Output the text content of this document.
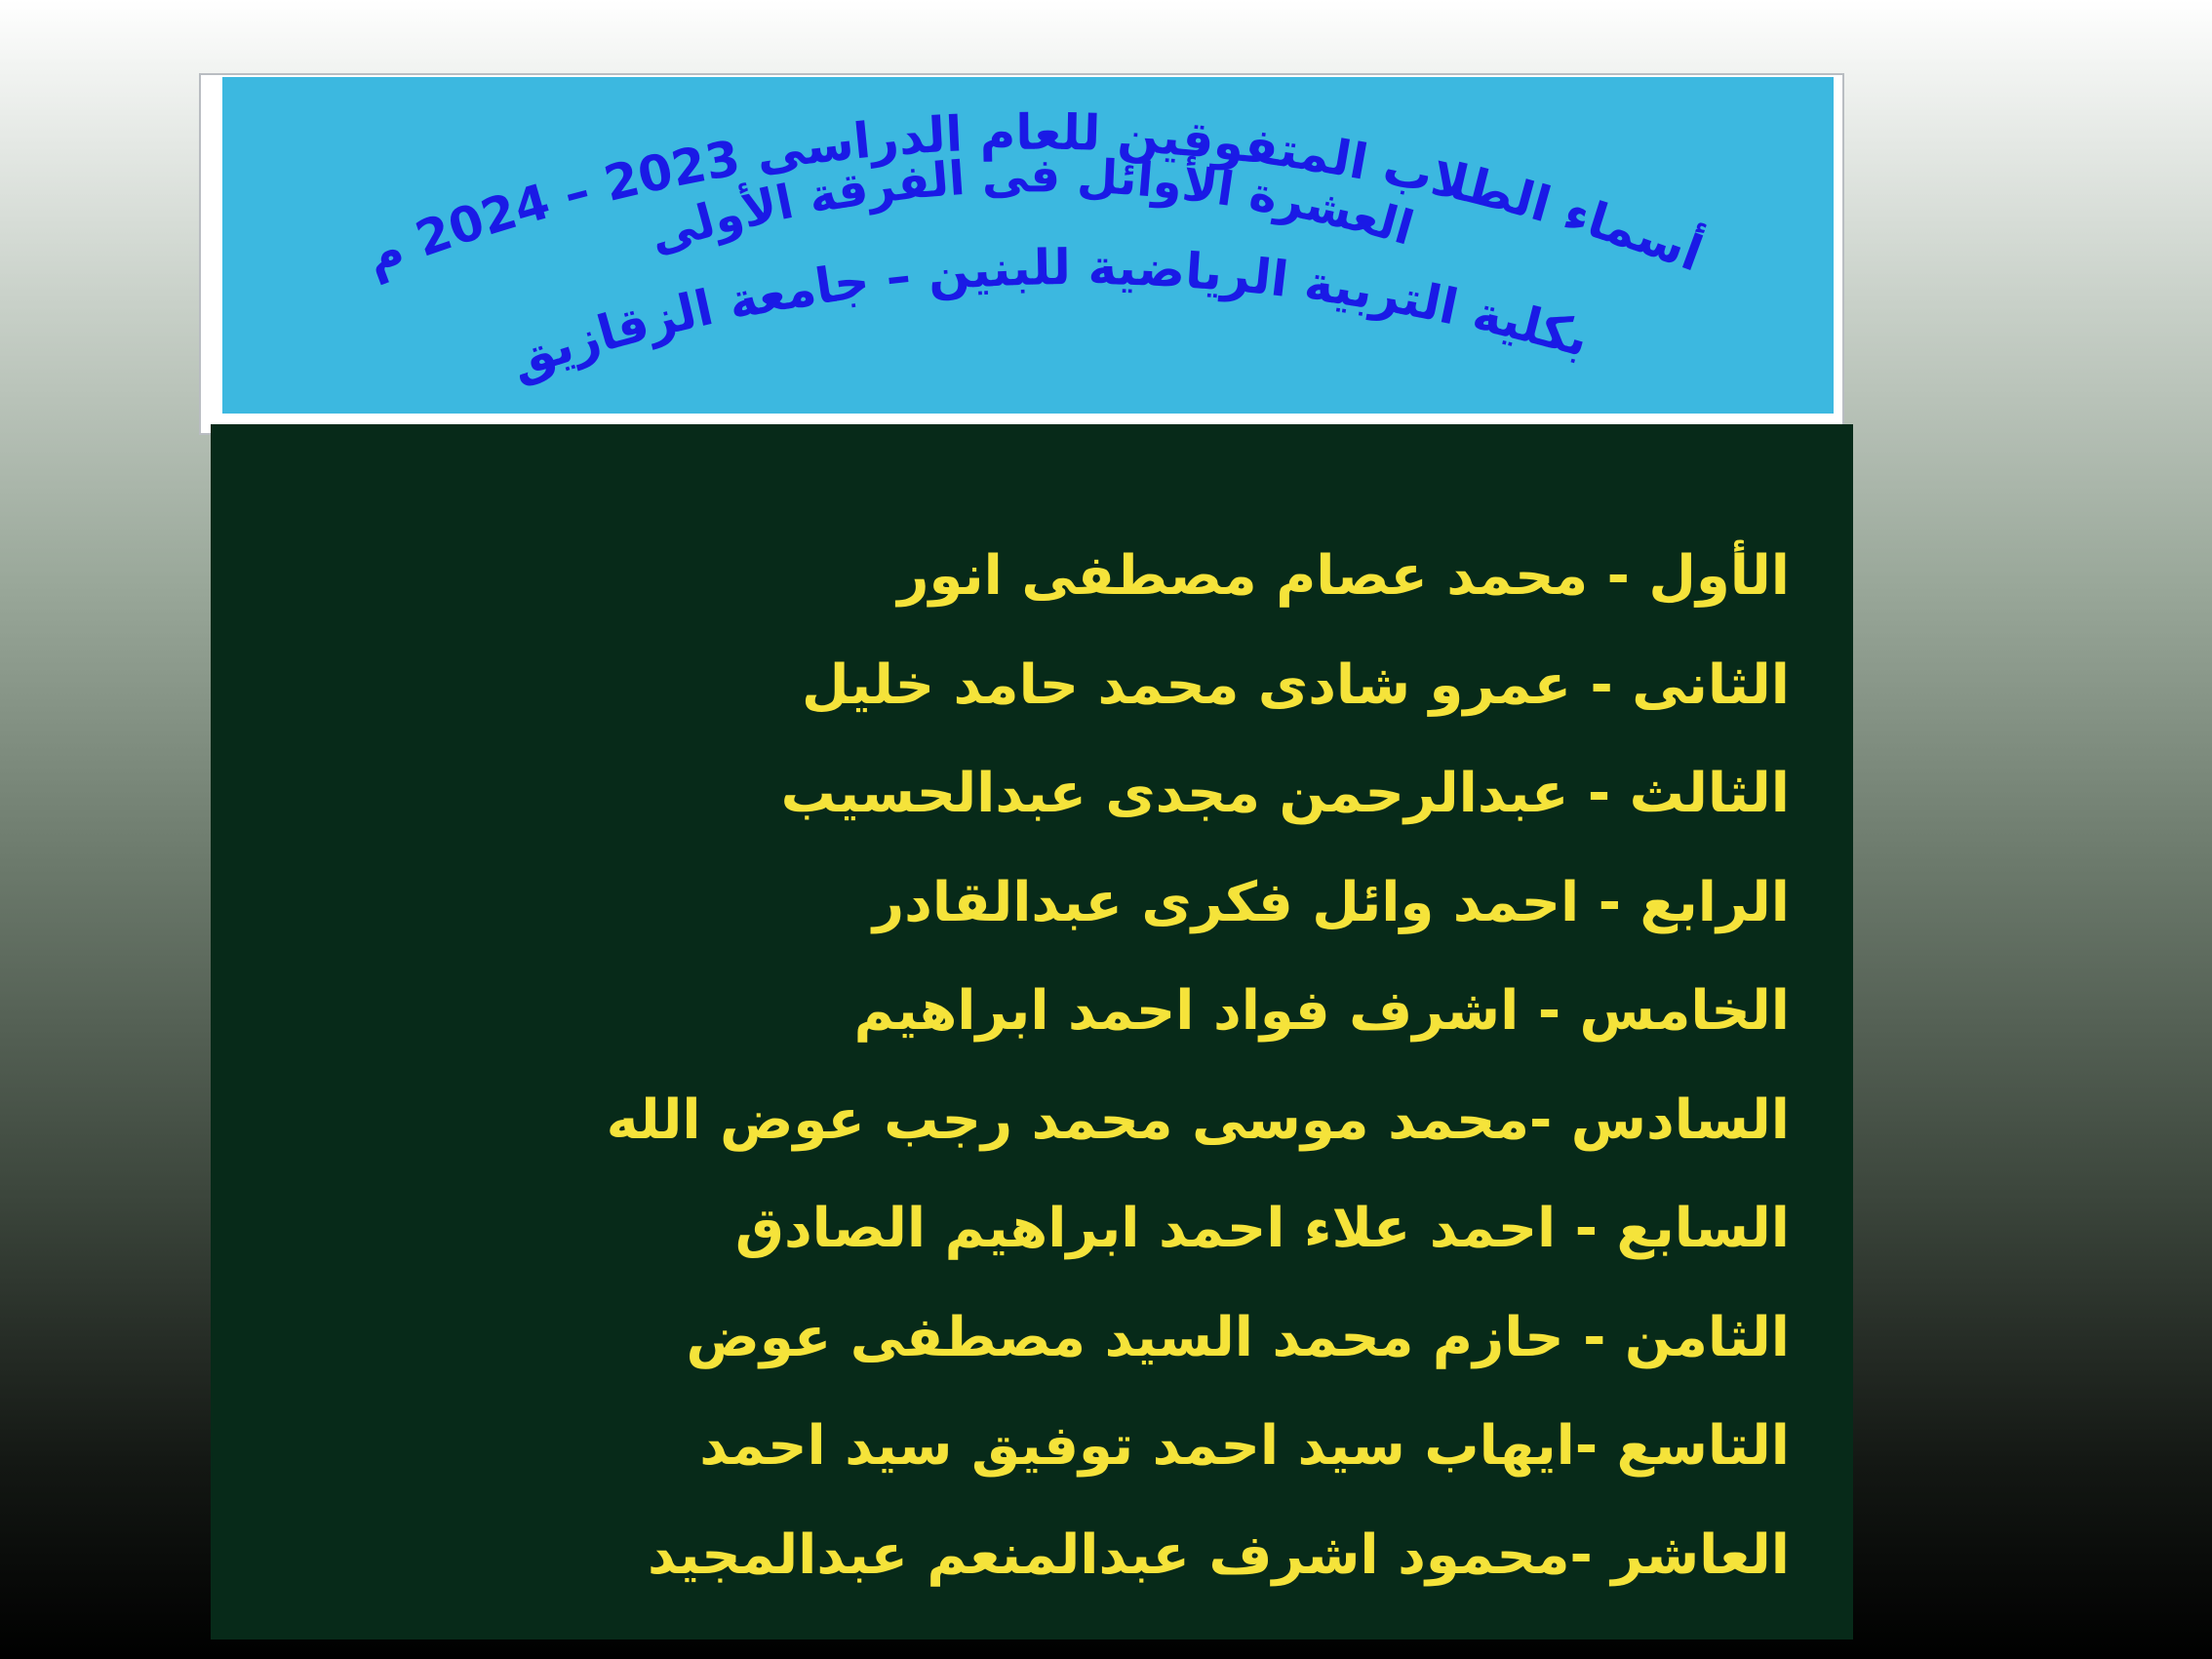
أسماء الطلاب المتفوقين للعام الدراسى 2023 – 2024 م
العشرة الأوائل فى الفرقة الأولى
بكلية التربية الرياضية للبنين – جامعة الزقازيق
الأول - محمد عصام مصطفى انور
الثانى - عمرو شادى محمد حامد خليل
الثالث - عبدالرحمن مجدى عبدالحسيب
الرابع - احمد وائل فكرى عبدالقادر
الخامس - اشرف فواد احمد ابراهيم
السادس -محمد موسى محمد رجب عوض الله
السابع - احمد علاء احمد ابراهيم الصادق
الثامن - حازم محمد السيد مصطفى عوض
التاسع -ايهاب سيد احمد توفيق سيد احمد
العاشر -محمود اشرف عبدالمنعم عبدالمجيد
